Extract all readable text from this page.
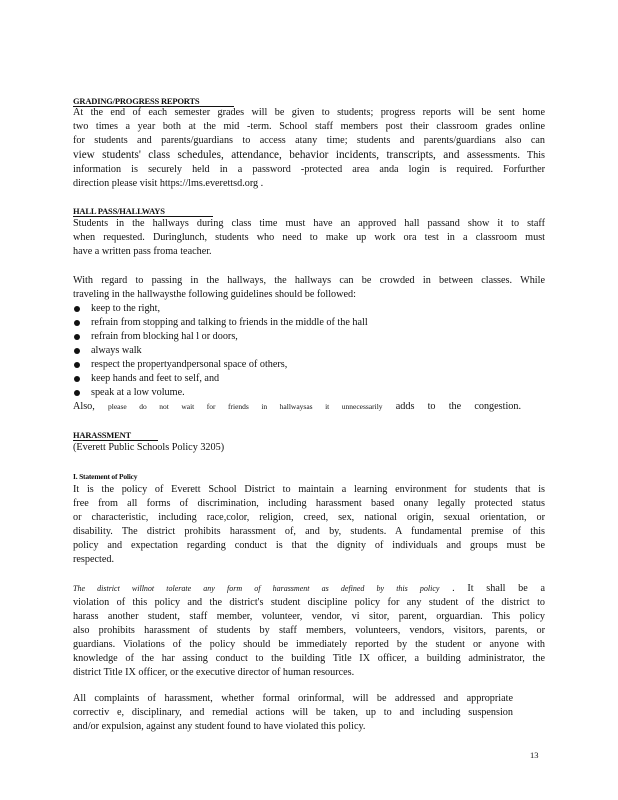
GRADING/PROGRESS REPORTS
At the end of each semester grades will be given to students; progress reports will be sent home
two times a year both at the mid -term. School staff members post their classroom grades online
for students and parents/guardians to access atany time; students and parents/guardians also can
view students' class schedules, attendance, behavior incidents, transcripts, and assessments. This
information is securely held in a password -protected area anda login is required. Forfurther
direction please visit https://lms.everettsd.org .
HALL PASS/HALLWAYS
Students in the hallways during class time must have an approved hall passand show it to staff
when requested. Duringlunch, students who need to make up work ora test in a classroom must
have a written pass froma teacher.
With regard to passing in the hallways, the hallways can be crowded in between classes. While
traveling in the hallwaysthe following guidelines should be followed:
keep to the right,
refrain from stopping and talking to friends in the middle of the hall
refrain from blocking hal l or doors,
always walk
respect the propertyandpersonal space of others,
keep hands and feet to self, and
speak at a low volume.
Also, please do not wait for friends in hallwaysas it unnecessarily adds to the congestion.
HARASSMENT
(Everett Public Schools Policy 3205)
I. Statement of Policy
It is the policy of Everett School District to maintain a learning environment for students that is
free from all forms of discrimination, including harassment based onany legally protected status
or characteristic, including race,color, religion, creed, sex, national origin, sexual orientation, or
disability. The district prohibits harassment of, and by, students. A fundamental premise of this
policy and expectation regarding conduct is that the dignity of individuals and groups must be
respected.
The district willnot tolerate any form of harassment as defined by this policy . It shall be a
violation of this policy and the district's student discipline policy for any student of the district to
harass another student, staff member, volunteer, vendor, vi sitor, parent, orguardian. This policy
also prohibits harassment of students by staff members, volunteers, vendors, visitors, parents, or
guardians. Violations of the policy should be immediately reported by the student or anyone with
knowledge of the har assing conduct to the building Title IX officer, a building administrator, the
district Title IX officer, or the executive director of human resources.
All complaints of harassment, whether formal orinformal, will be addressed and appropriate
correctiv e, disciplinary, and remedial actions will be taken, up to and including suspension
and/or expulsion, against any student found to have violated this policy.
13
